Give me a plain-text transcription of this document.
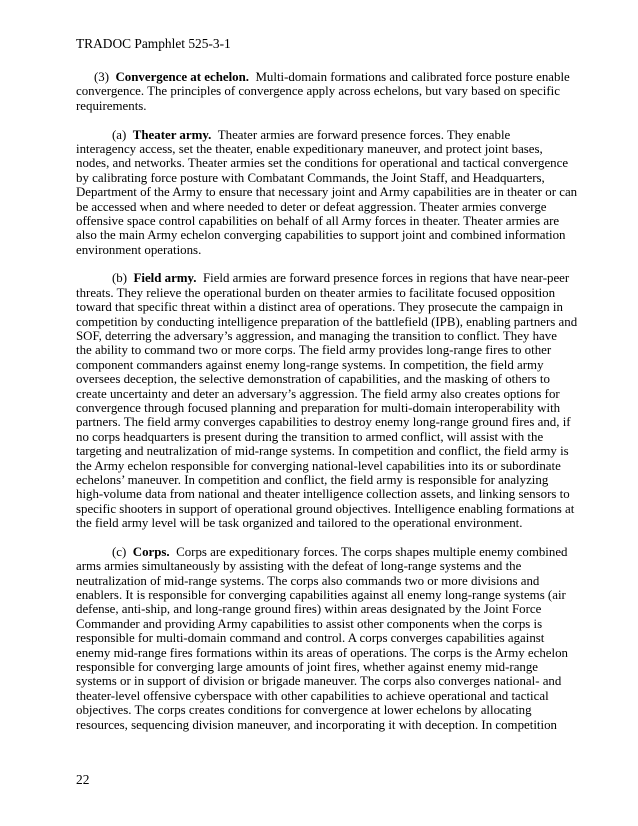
TRADOC Pamphlet 525-3-1
(3) Convergence at echelon. Multi-domain formations and calibrated force posture enable
convergence. The principles of convergence apply across echelons, but vary based on specific
requirements.
(a) Theater army. Theater armies are forward presence forces. They enable
interagency access, set the theater, enable expeditionary maneuver, and protect joint bases,
nodes, and networks. Theater armies set the conditions for operational and tactical convergence
by calibrating force posture with Combatant Commands, the Joint Staff, and Headquarters,
Department of the Army to ensure that necessary joint and Army capabilities are in theater or can
be accessed when and where needed to deter or defeat aggression. Theater armies converge
offensive space control capabilities on behalf of all Army forces in theater. Theater armies are
also the main Army echelon converging capabilities to support joint and combined information
environment operations.
(b) Field army. Field armies are forward presence forces in regions that have near-peer
threats. They relieve the operational burden on theater armies to facilitate focused opposition
toward that specific threat within a distinct area of operations. They prosecute the campaign in
competition by conducting intelligence preparation of the battlefield (IPB), enabling partners and
SOF, deterring the adversary’s aggression, and managing the transition to conflict. They have
the ability to command two or more corps. The field army provides long-range fires to other
component commanders against enemy long-range systems. In competition, the field army
oversees deception, the selective demonstration of capabilities, and the masking of others to
create uncertainty and deter an adversary’s aggression. The field army also creates options for
convergence through focused planning and preparation for multi-domain interoperability with
partners. The field army converges capabilities to destroy enemy long-range ground fires and, if
no corps headquarters is present during the transition to armed conflict, will assist with the
targeting and neutralization of mid-range systems. In competition and conflict, the field army is
the Army echelon responsible for converging national-level capabilities into its or subordinate
echelons’ maneuver. In competition and conflict, the field army is responsible for analyzing
high-volume data from national and theater intelligence collection assets, and linking sensors to
specific shooters in support of operational ground objectives. Intelligence enabling formations at
the field army level will be task organized and tailored to the operational environment.
(c) Corps. Corps are expeditionary forces. The corps shapes multiple enemy combined
arms armies simultaneously by assisting with the defeat of long-range systems and the
neutralization of mid-range systems. The corps also commands two or more divisions and
enablers. It is responsible for converging capabilities against all enemy long-range systems (air
defense, anti-ship, and long-range ground fires) within areas designated by the Joint Force
Commander and providing Army capabilities to assist other components when the corps is
responsible for multi-domain command and control. A corps converges capabilities against
enemy mid-range fires formations within its areas of operations. The corps is the Army echelon
responsible for converging large amounts of joint fires, whether against enemy mid-range
systems or in support of division or brigade maneuver. The corps also converges national- and
theater-level offensive cyberspace with other capabilities to achieve operational and tactical
objectives. The corps creates conditions for convergence at lower echelons by allocating
resources, sequencing division maneuver, and incorporating it with deception. In competition
22
